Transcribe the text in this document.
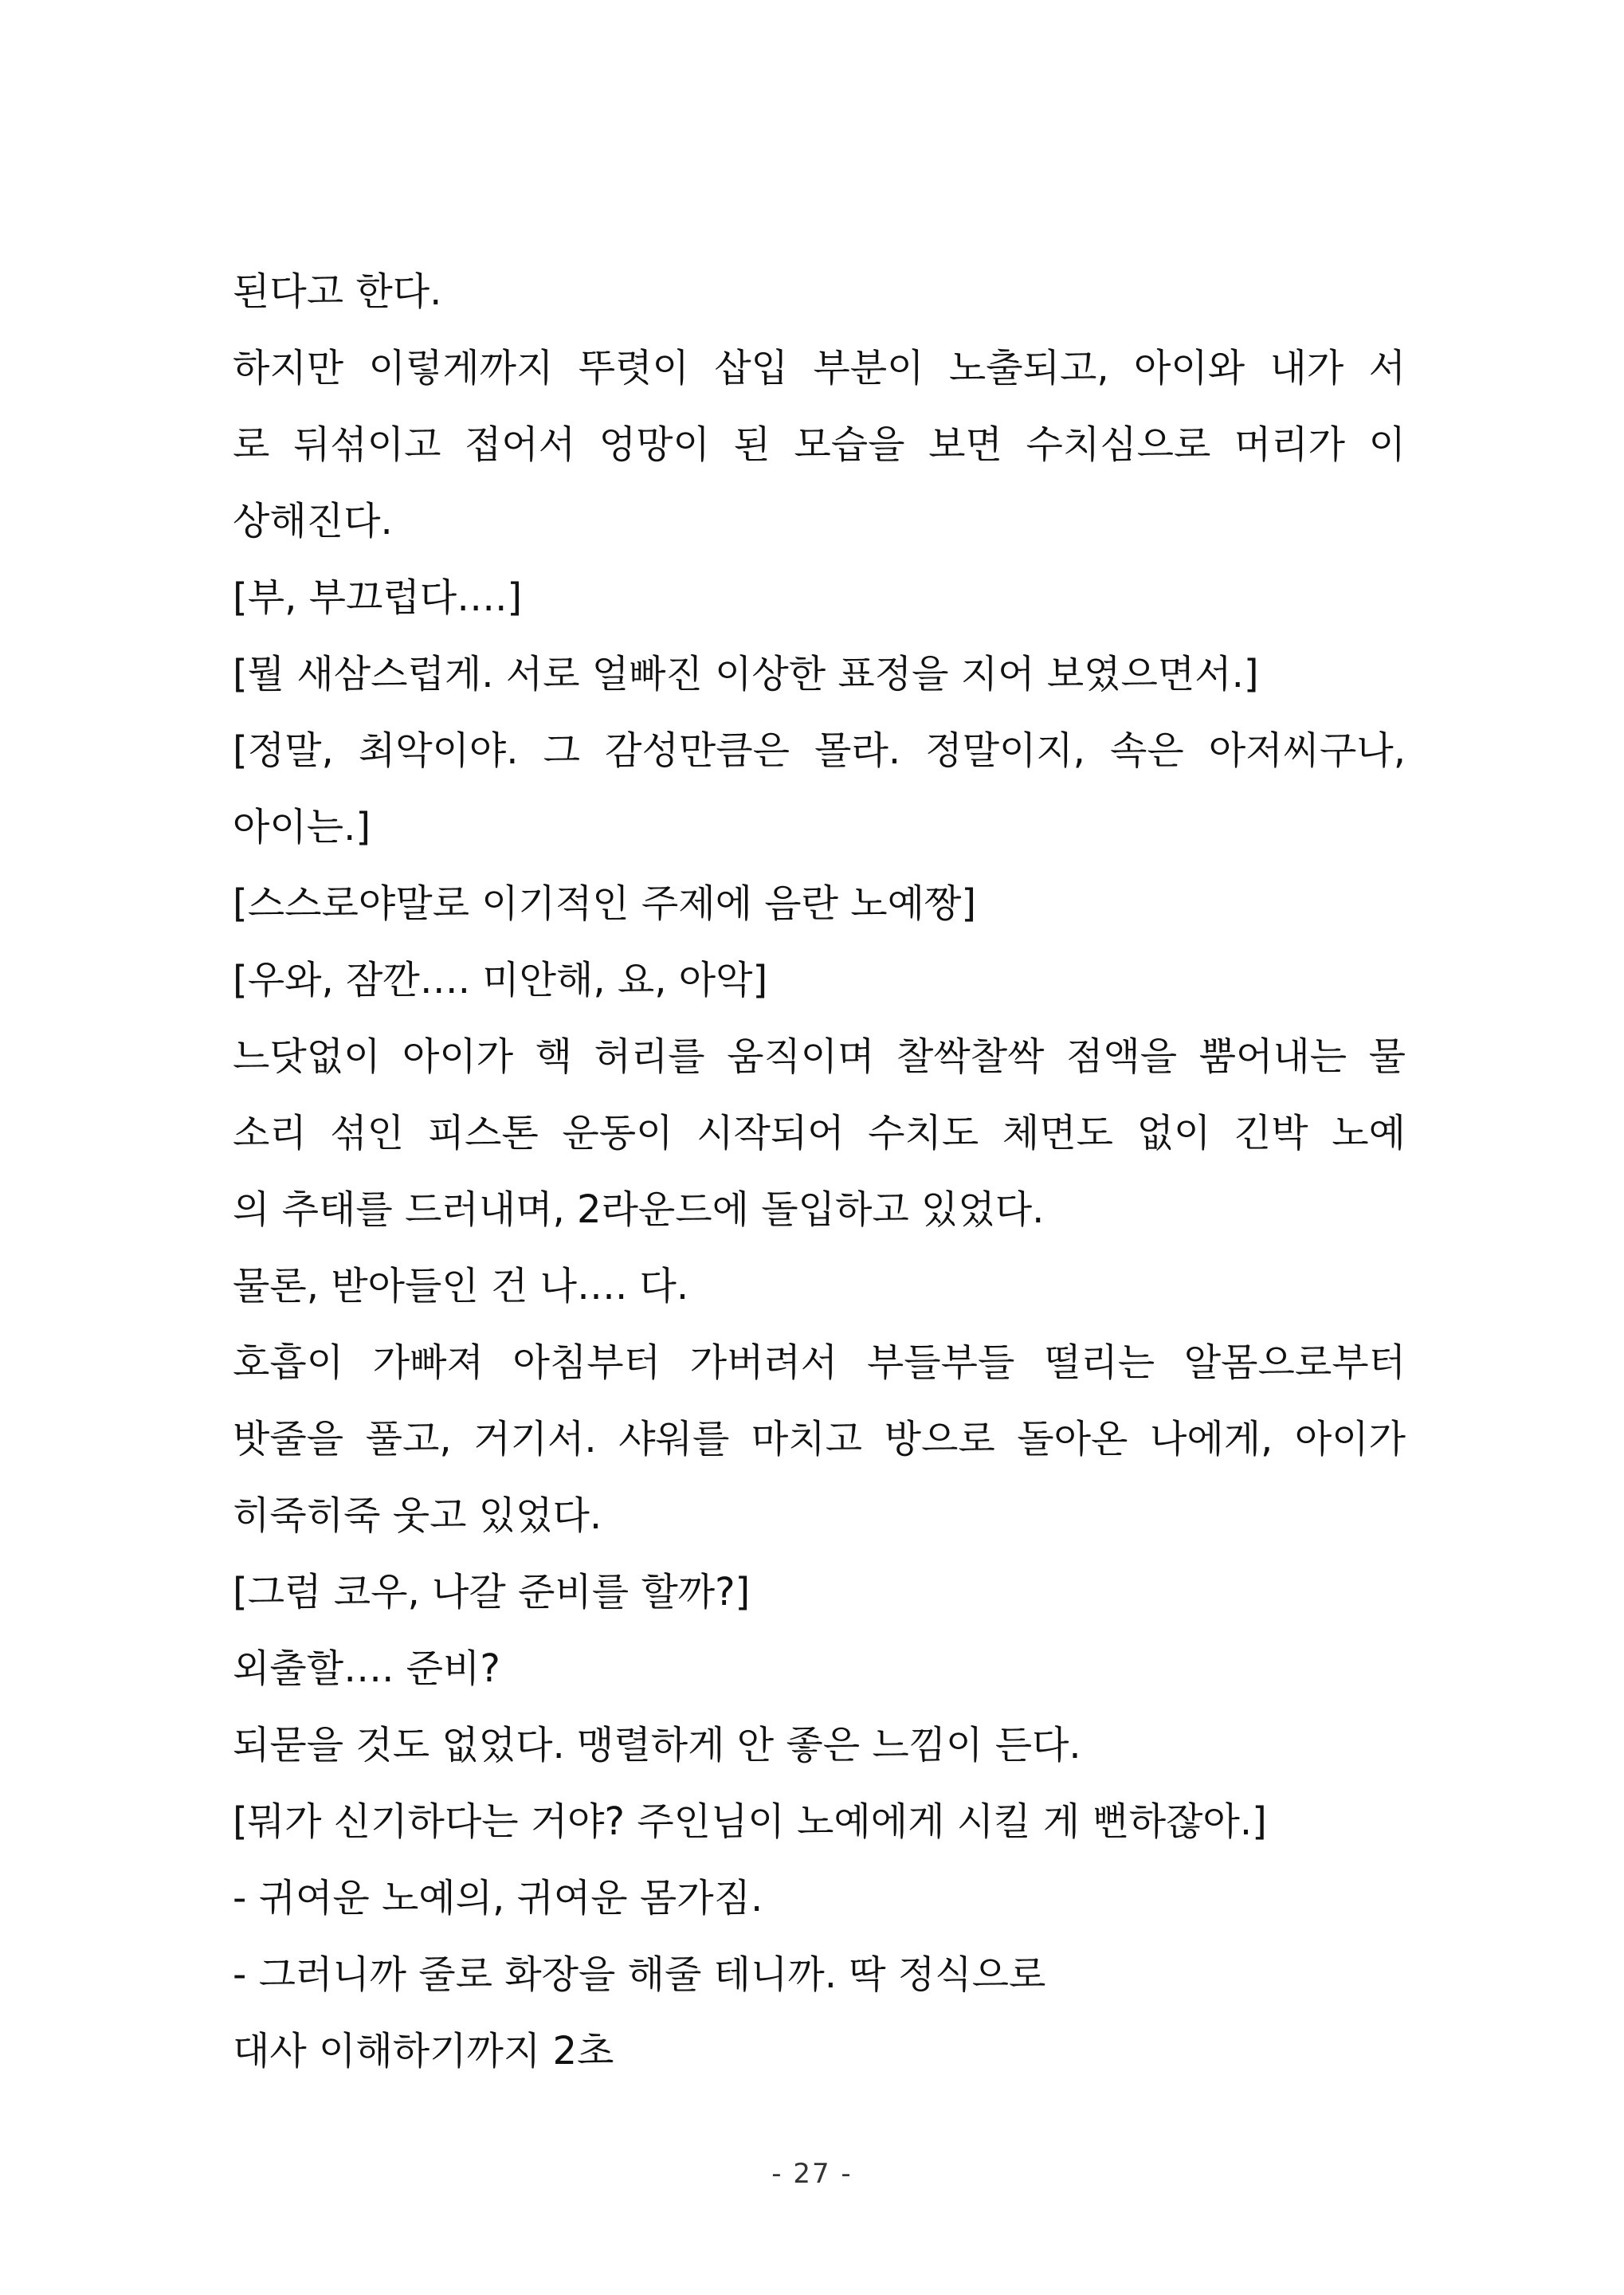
된다고 한다.
하지만 이렇게까지 뚜렷이 삽입 부분이 노출되고, 아이와 내가 서
로 뒤섞이고 접어서 엉망이 된 모습을 보면 수치심으로 머리가 이
상해진다.
[부, 부끄럽다….]
[뭘 새삼스럽게. 서로 얼빠진 이상한 표정을 지어 보였으면서.]
[정말, 최악이야. 그 감성만큼은 몰라. 정말이지, 속은 아저씨구나,
아이는.]
[스스로야말로 이기적인 주제에 음란 노예짱]
[우와, 잠깐…. 미안해, 요, 아악]
느닷없이 아이가 핵 허리를 움직이며 찰싹찰싹 점액을 뿜어내는 물
소리 섞인 피스톤 운동이 시작되어 수치도 체면도 없이 긴박 노예
의 추태를 드러내며, 2라운드에 돌입하고 있었다.
물론, 받아들인 건 나…. 다.
호흡이 가빠져 아침부터 가버려서 부들부들 떨리는 알몸으로부터
밧줄을 풀고, 거기서. 샤워를 마치고 방으로 돌아온 나에게, 아이가
히죽히죽 웃고 있었다.
[그럼 코우, 나갈 준비를 할까?]
외출할…. 준비?
되묻을 것도 없었다. 맹렬하게 안 좋은 느낌이 든다.
[뭐가 신기하다는 거야? 주인님이 노예에게 시킬 게 뻔하잖아.]
- 귀여운 노예의, 귀여운 몸가짐.
- 그러니까 줄로 화장을 해줄 테니까. 딱 정식으로
대사 이해하기까지 2초
- 27 -
